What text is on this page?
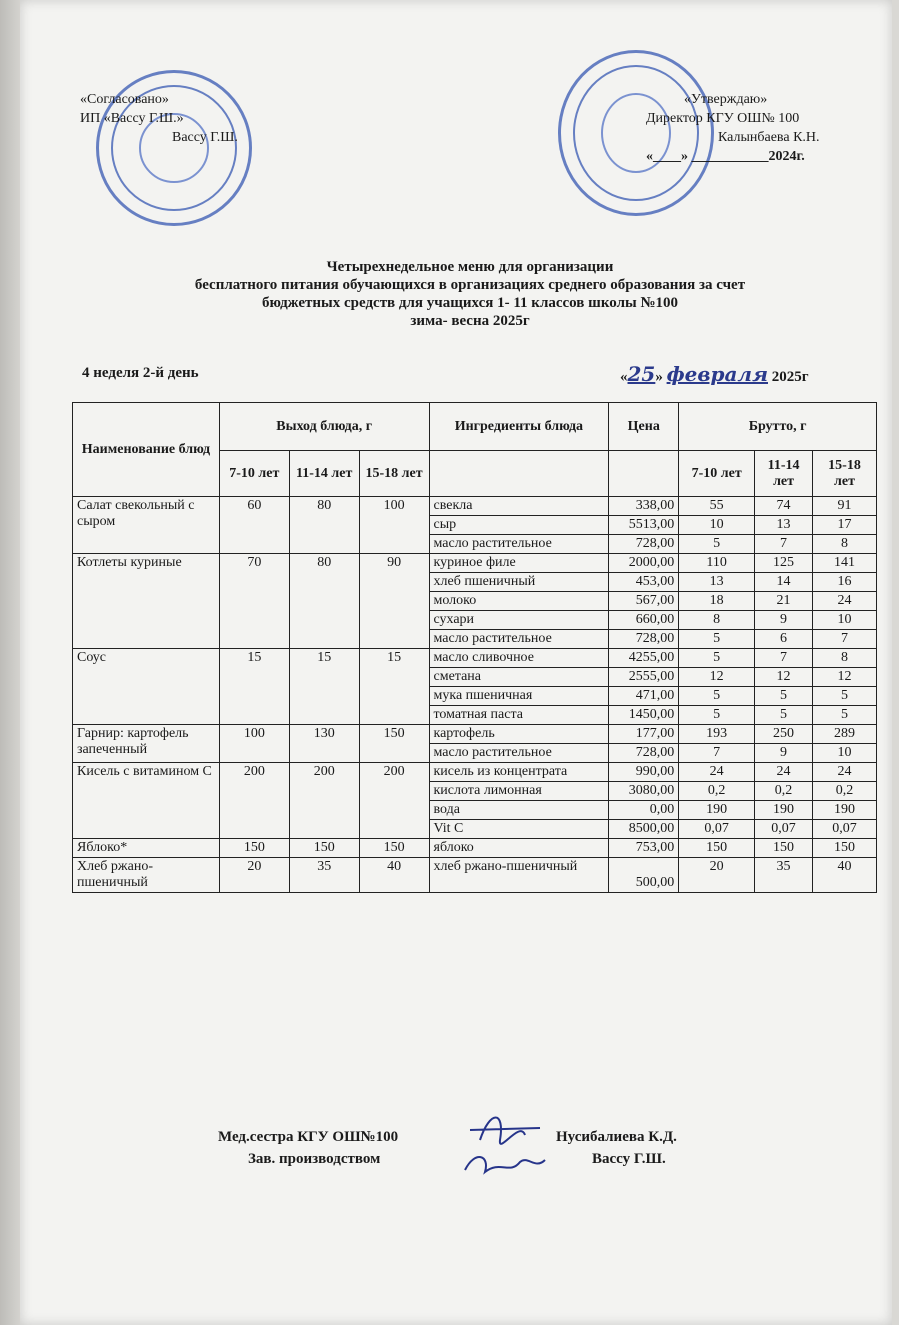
«Согласовано»
ИП «Вассу Г.Ш.»
Вассу Г.Ш.
«Утверждаю»
Директор КГУ ОШ№ 100
Калынбаева К.Н.
«____» ___________2024г.
Четырехнедельное меню для организации
бесплатного питания обучающихся в организациях среднего образования за счет
бюджетных средств для учащихся 1- 11 классов школы №100
зима- весна 2025г
4 неделя 2-й день	«25» февраля 2025г
Наименование блюд	Выход блюда, г			Ингредиенты блюда	Цена	Брутто, г		
	7-10 лет	11-14 лет	15-18 лет			7-10 лет	11-14 лет	15-18 лет
Салат свекольный с сыром	60	80	100	свекла	338,00	55	74	91
				сыр	5513,00	10	13	17
				масло растительное	728,00	5	7	8
Котлеты куриные	70	80	90	куриное филе	2000,00	110	125	141
				хлеб пшеничный	453,00	13	14	16
				молоко	567,00	18	21	24
				сухари	660,00	8	9	10
				масло растительное	728,00	5	6	7
Соус	15	15	15	масло сливочное	4255,00	5	7	8
				сметана	2555,00	12	12	12
				мука пшеничная	471,00	5	5	5
				томатная паста	1450,00	5	5	5
Гарнир: картофель запеченный	100	130	150	картофель	177,00	193	250	289
				масло растительное	728,00	7	9	10
Кисель с витамином С	200	200	200	кисель из концентрата	990,00	24	24	24
				кислота лимонная	3080,00	0,2	0,2	0,2
				вода	0,00	190	190	190
				Vit C	8500,00	0,07	0,07	0,07
Яблоко*	150	150	150	яблоко	753,00	150	150	150
Хлеб ржано-пшеничный	20	35	40	хлеб ржано-пшеничный	500,00	20	35	40
Мед.сестра КГУ ОШ№100
Зав. производством
Нусибалиева К.Д.
Вассу Г.Ш.
